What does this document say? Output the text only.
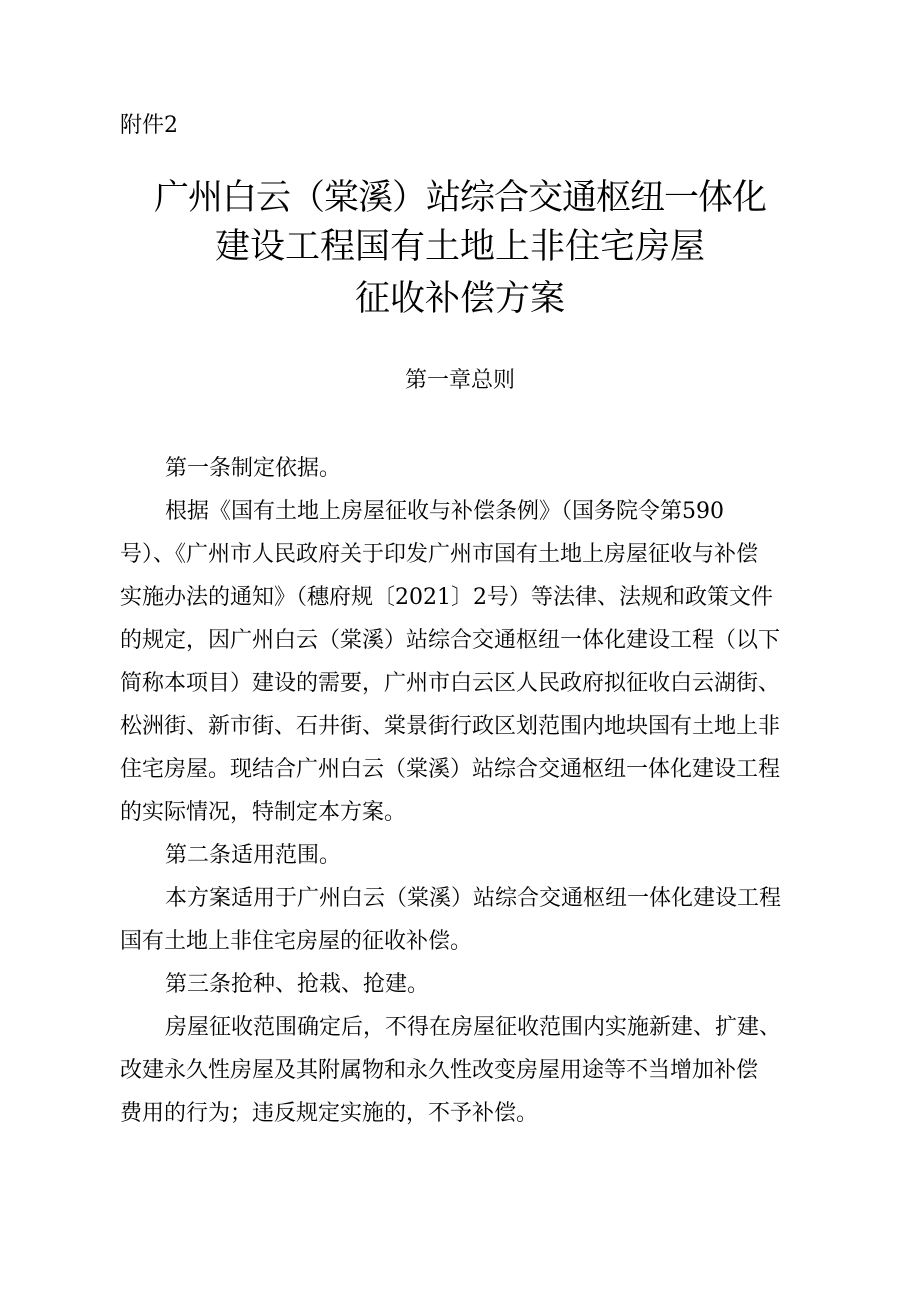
附件2
广州白云（棠溪）站综合交通枢纽一体化
建设工程国有土地上非住宅房屋
征收补偿方案
第一章总则
第一条制定依据。
根据《国有土地上房屋征收与补偿条例》（国务院令第590
号）、《广州市人民政府关于印发广州市国有土地上房屋征收与补偿
实施办法的通知》（穗府规〔2021〕2号）等法律、法规和政策文件
的规定，因广州白云（棠溪）站综合交通枢纽一体化建设工程（以下
简称本项目）建设的需要，广州市白云区人民政府拟征收白云湖街、
松洲街、新市街、石井街、棠景街行政区划范围内地块国有土地上非
住宅房屋。现结合广州白云（棠溪）站综合交通枢纽一体化建设工程
的实际情况，特制定本方案。
第二条适用范围。
本方案适用于广州白云（棠溪）站综合交通枢纽一体化建设工程
国有土地上非住宅房屋的征收补偿。
第三条抢种、抢栽、抢建。
房屋征收范围确定后，不得在房屋征收范围内实施新建、扩建、
改建永久性房屋及其附属物和永久性改变房屋用途等不当增加补偿
费用的行为；违反规定实施的，不予补偿。
